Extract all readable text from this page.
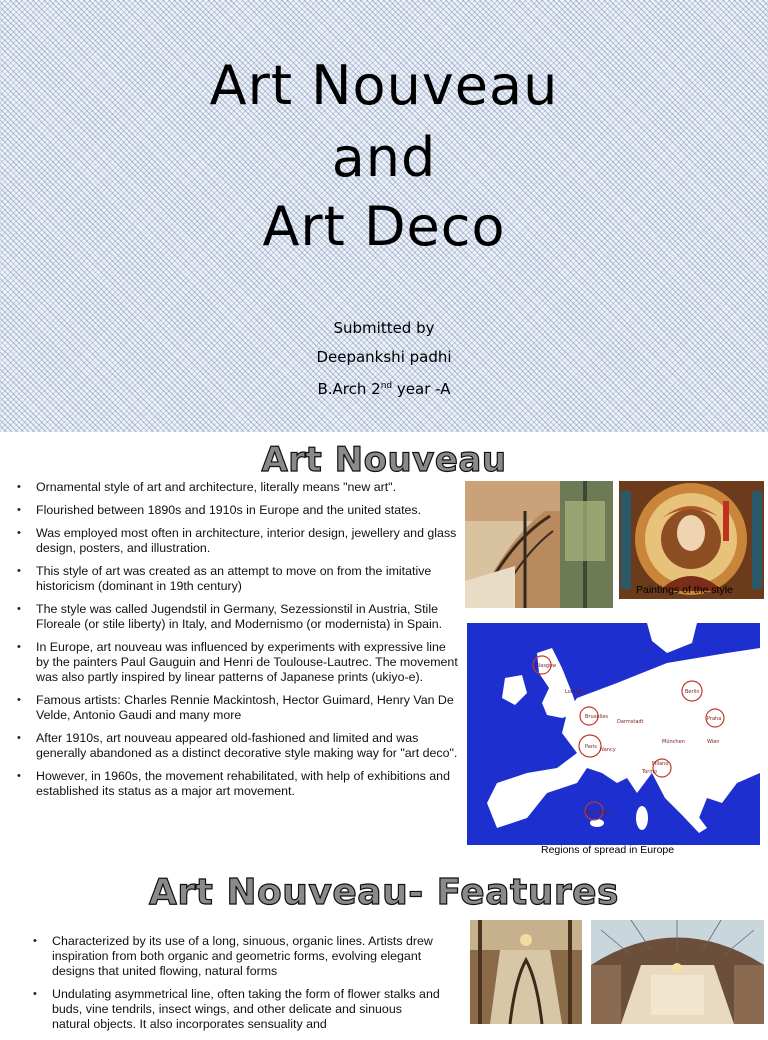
Art Nouveau
and
Art Deco
Submitted by
Deepankshi padhi
B.Arch 2nd year -A
Art Nouveau
• Ornamental style of art and architecture, literally means "new art".
• Flourished between 1890s and 1910s in Europe and the united states.
• Was employed most often in architecture, interior design, jewellery and glass design, posters, and illustration.
• This style of art was created as an attempt to move on from the imitative historicism (dominant in 19th century)
• The style was called Jugendstil in Germany, Sezessionstil in Austria, Stile Floreale (or stile liberty) in Italy, and Modernismo (or modernista) in Spain.
• In Europe, art nouveau was influenced by experiments with expressive line by the painters Paul Gauguin and Henri de Toulouse-Lautrec. The movement was also partly inspired by linear patterns of Japanese prints (ukiyo-e).
• Famous artists: Charles Rennie Mackintosh, Hector Guimard, Henry Van De Velde, Antonio Gaudi and many more
• After 1910s, art nouveau appeared old-fashioned and limited and was generally abandoned as a distinct decorative style making way for "art deco".
• However, in 1960s, the movement rehabilitated, with help of exhibitions and established its status as a major art movement.
Paintings of the style
Glasgow
Bruxelles
Paris Nancy
Darmstadt
Berlin
Praha
München	Wien
Milano
Torino
Barcelona
Londres
Regions of spread in Europe
Art Nouveau- Features
• Characterized by its use of a long, sinuous, organic lines. Artists drew inspiration from both organic and geometric forms, evolving elegant designs that united flowing, natural forms
• Undulating asymmetrical line, often taking the form of flower stalks and buds, vine tendrils, insect wings, and other delicate and sinuous natural objects. It also incorporates sensuality and
